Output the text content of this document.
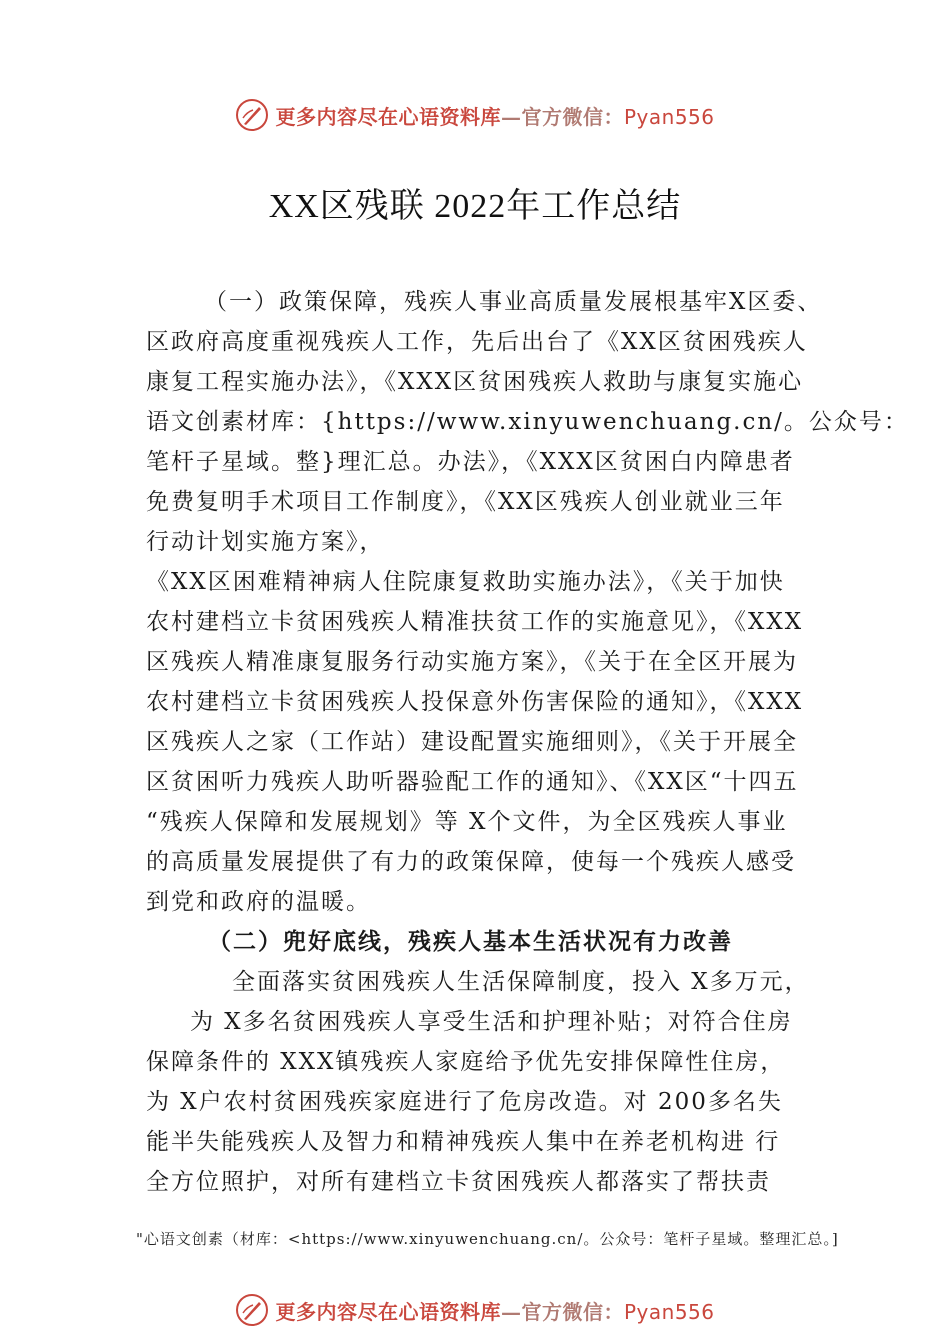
更多内容尽在心语资料库—官方微信：Pyan556
XX区残联 2022年工作总结
（一）政策保障，残疾人事业高质量发展根基牢X区委、
区政府高度重视残疾人工作，先后出台了《XX区贫困残疾人
康复工程实施办法》，《XXX区贫困残疾人救助与康复实施心
语文创素材库：{https://www.xinyuwenchuang.cn/。公众号：
笔杆子星域。整}理汇总。办法》，《XXX区贫困白内障患者
免费复明手术项目工作制度》，《XX区残疾人创业就业三年
行动计划实施方案》，
《XX区困难精神病人住院康复救助实施办法》，《关于加快
农村建档立卡贫困残疾人精准扶贫工作的实施意见》，《XXX
区残疾人精准康复服务行动实施方案》，《关于在全区开展为
农村建档立卡贫困残疾人投保意外伤害保险的通知》，《XXX
区残疾人之家（工作站）建设配置实施细则》，《关于开展全
区贫困听力残疾人助听器验配工作的通知》、《XX区“十四五
“残疾人保障和发展规划》等 X个文件，为全区残疾人事业
的高质量发展提供了有力的政策保障，使每一个残疾人感受
到党和政府的温暖。
（二）兜好底线，残疾人基本生活状况有力改善
全面落实贫困残疾人生活保障制度，投入 X多万元，
为 X多名贫困残疾人享受生活和护理补贴；对符合住房
保障条件的 XXX镇残疾人家庭给予优先安排保障性住房，
为 X户农村贫困残疾家庭进行了危房改造。对 200多名失
能半失能残疾人及智力和精神残疾人集中在养老机构进 行
全方位照护，对所有建档立卡贫困残疾人都落实了帮扶责
"心语文创素（材库：<https://www.xinyuwenchuang.cn/。公众号：笔杆子星域。整理汇总。]
更多内容尽在心语资料库—官方微信：Pyan556
